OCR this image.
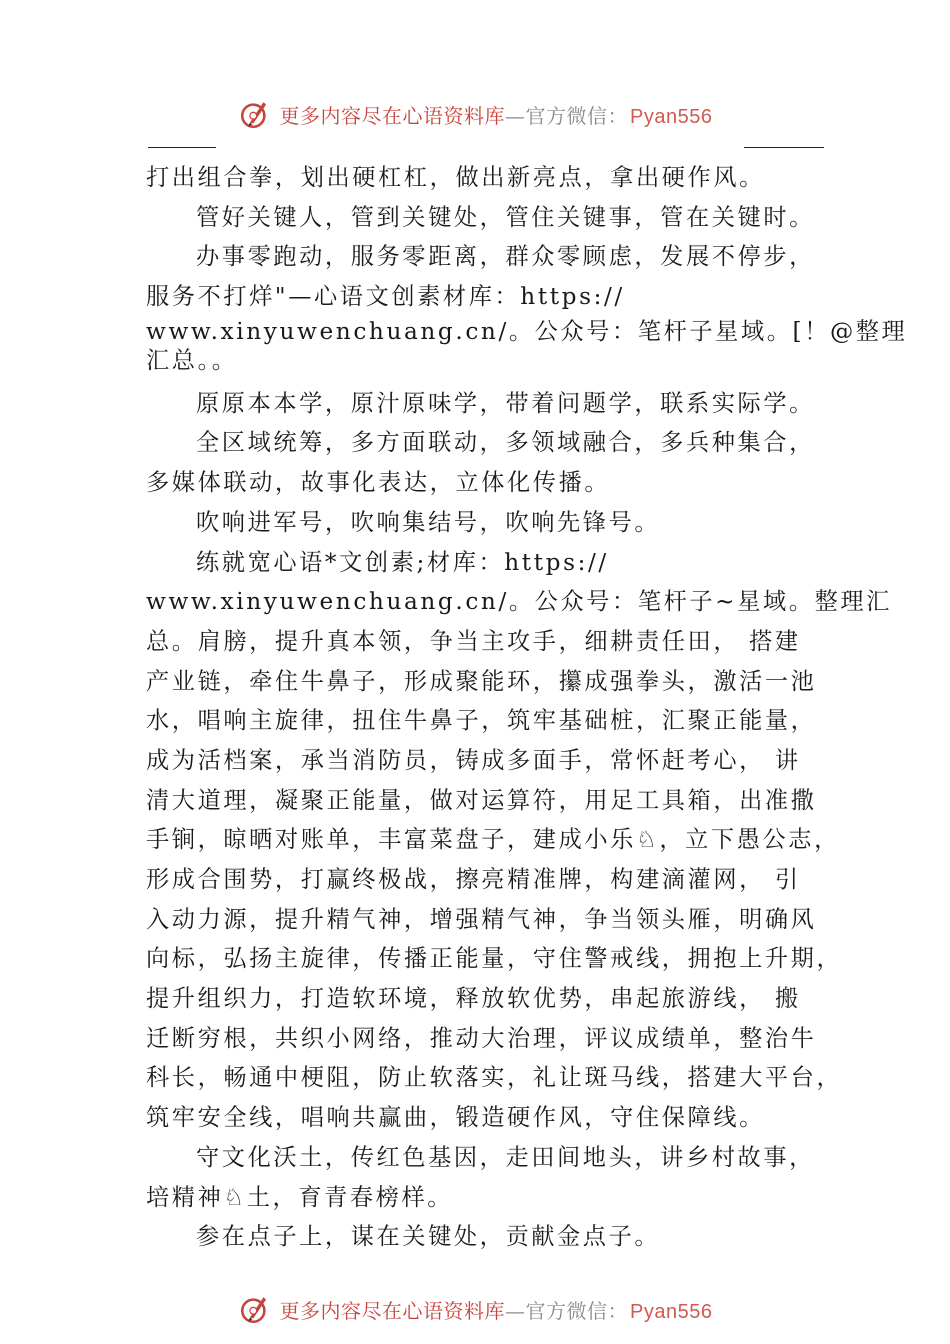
更多内容尽在心语资料库—官方微信： Pyan556
打出组合拳，划出硬杠杠，做出新亮点，拿出硬作风。
管好关键人，管到关键处，管住关键事，管在关键时。
办事零跑动，服务零距离，群众零顾虑，发展不停步，
服务不打烊"—心语文创素材库：https://
www.xinyuwenchuang.cn/。公众号：笔杆子星域。[！@整理
汇总。。
原原本本学，原汁原味学，带着问题学，联系实际学。
全区域统筹，多方面联动，多领域融合，多兵种集合，
多媒体联动，故事化表达，立体化传播。
吹响进军号，吹响集结号，吹响先锋号。
练就宽心语*文创素;材库：https://
www.xinyuwenchuang.cn/。公众号：笔杆子~星域。整理汇
总。肩膀，提升真本领，争当主攻手，细耕责任田， 搭建
产业链，牵住牛鼻子，形成聚能环，攥成强拳头，激活一池
水，唱响主旋律，扭住牛鼻子，筑牢基础桩，汇聚正能量，
成为活档案，承当消防员，铸成多面手，常怀赶考心， 讲
清大道理，凝聚正能量，做对运算符，用足工具箱，出准撒
手锏，晾晒对账单，丰富菜盘子，建成小乐♘，立下愚公志，
形成合围势，打赢终极战，擦亮精准牌，构建滴灌网， 引
入动力源，提升精气神，增强精气神，争当领头雁，明确风
向标，弘扬主旋律，传播正能量，守住警戒线，拥抱上升期，
提升组织力，打造软环境，释放软优势，串起旅游线， 搬
迁断穷根，共织小网络，推动大治理，评议成绩单，整治牛
科长，畅通中梗阻，防止软落实，礼让斑马线，搭建大平台，
筑牢安全线，唱响共赢曲，锻造硬作风，守住保障线。
守文化沃土，传红色基因，走田间地头，讲乡村故事，
培精神♘土，育青春榜样。
参在点子上，谋在关键处，贡献金点子。
更多内容尽在心语资料库—官方微信： Pyan556
